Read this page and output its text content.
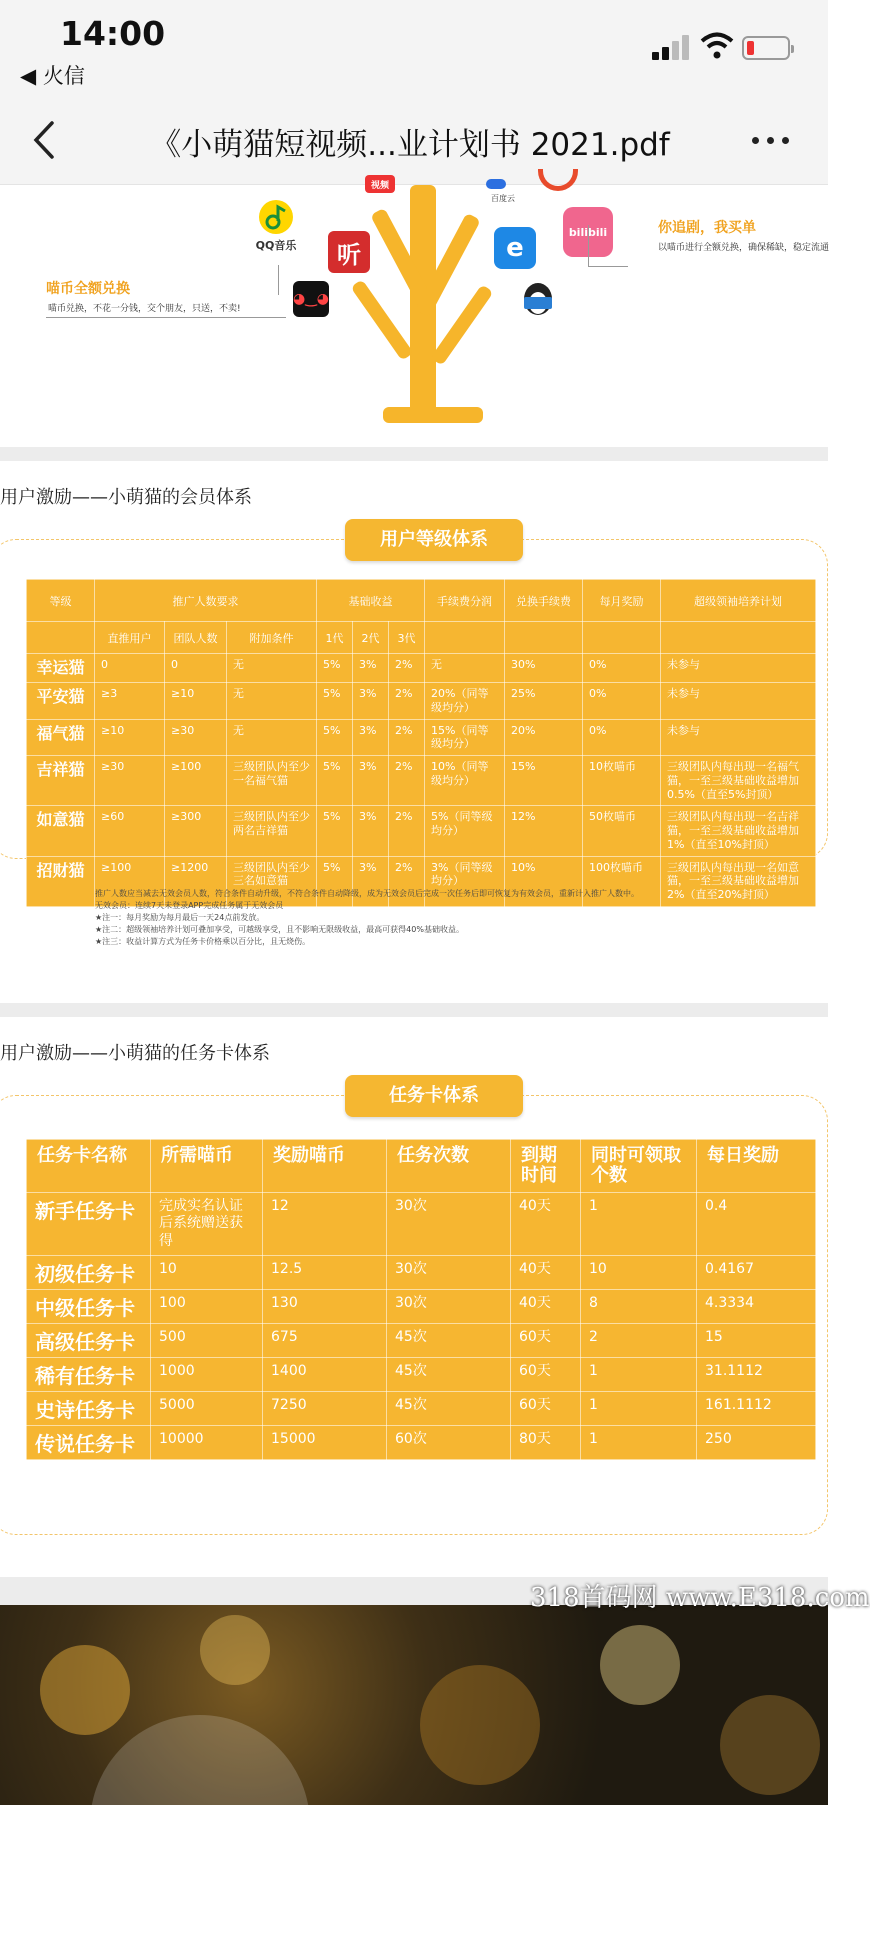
14:00
◀ 火信
《小萌猫短视频...业计划书 2021.pdf
视频
百度云
QQ音乐	听
◕‿◕
e
bilibili
喵币全额兑换
喵币兑换，不花一分钱，交个朋友，只送，不卖!
你追剧，我买单
以喵币进行全额兑换，确保稀缺，稳定流通
用户激励——小萌猫的会员体系
用户等级体系
等级	推广人数要求			基础收益			手续费分润	兑换手续费	每月奖励	超级领袖培养计划
	直推用户	团队人数	附加条件	1代	2代	3代				
幸运猫	0	0	无	5%	3%	2%	无	30%	0%	未参与
平安猫	≥3	≥10	无	5%	3%	2%	20%（同等级均分）	25%	0%	未参与
福气猫	≥10	≥30	无	5%	3%	2%	15%（同等级均分）	20%	0%	未参与
吉祥猫	≥30	≥100	三级团队内至少一名福气猫	5%	3%	2%	10%（同等级均分）	15%	10枚喵币	三级团队内每出现一名福气猫，一至三级基础收益增加0.5%（直至5%封顶）
如意猫	≥60	≥300	三级团队内至少两名吉祥猫	5%	3%	2%	5%（同等级均分）	12%	50枚喵币	三级团队内每出现一名吉祥猫，一至三级基础收益增加1%（直至10%封顶）
招财猫	≥100	≥1200	三级团队内至少三名如意猫	5%	3%	2%	3%（同等级均分）	10%	100枚喵币	三级团队内每出现一名如意猫，一至三级基础收益增加2%（直至20%封顶）
推广人数应当减去无效会员人数，符合条件自动升级，不符合条件自动降级，成为无效会员后完成一次任务后即可恢复为有效会员，重新计入推广人数中。
无效会员：连续7天未登录APP完成任务属于无效会员
★注一：每月奖励为每月最后一天24点前发放。
★注二：超级领袖培养计划可叠加享受，可越级享受，且不影响无限级收益，最高可获得40%基础收益。
★注三：收益计算方式为任务卡价格乘以百分比，且无烧伤。
用户激励——小萌猫的任务卡体系
任务卡体系
任务卡名称	所需喵币	奖励喵币	任务次数	到期时间	同时可领取个数	每日奖励
新手任务卡	完成实名认证后系统赠送获得	12	30次	40天	1	0.4
初级任务卡	10	12.5	30次	40天	10	0.4167
中级任务卡	100	130	30次	40天	8	4.3334
高级任务卡	500	675	45次	60天	2	15
稀有任务卡	1000	1400	45次	60天	1	31.1112
史诗任务卡	5000	7250	45次	60天	1	161.1112
传说任务卡	10000	15000	60次	80天	1	250
318首码网 www.E318.com
